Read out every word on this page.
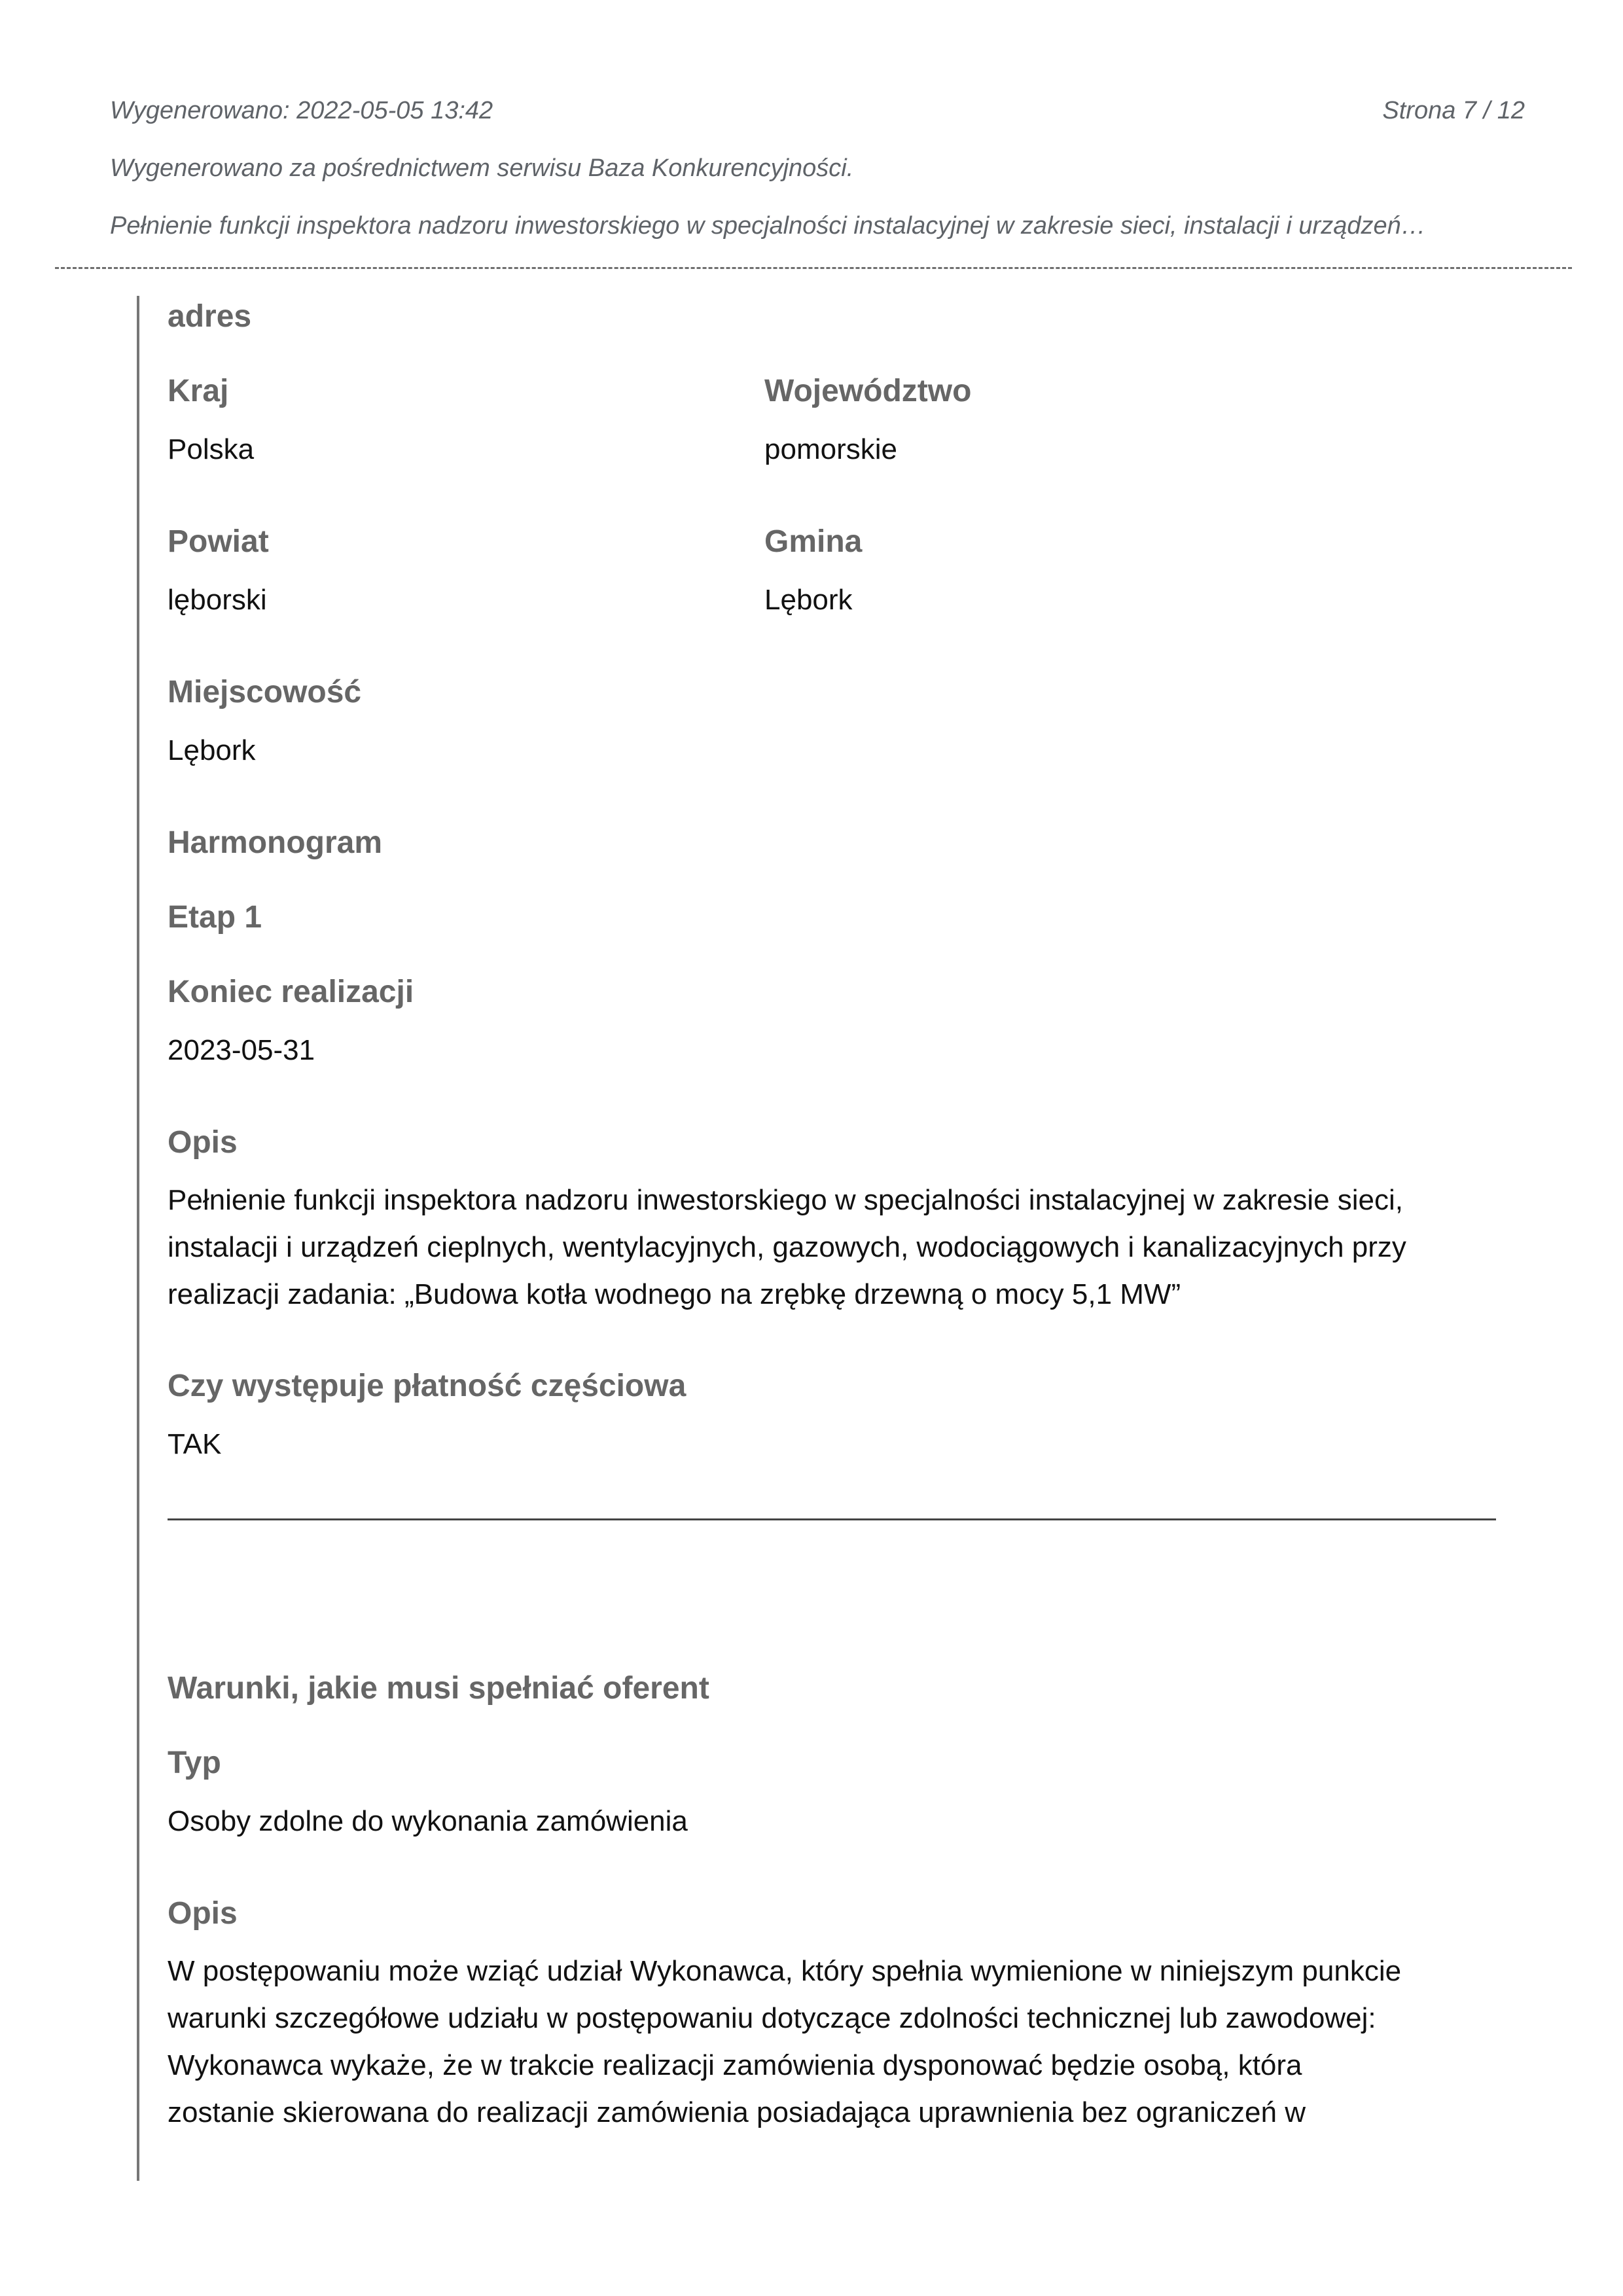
Wygenerowano: 2022-05-05 13:42	Strona 7 / 12
Wygenerowano za pośrednictwem serwisu Baza Konkurencyjności.
Pełnienie funkcji inspektora nadzoru inwestorskiego w specjalności instalacyjnej w zakresie sieci, instalacji i urządzeń…
adres
Kraj
Polska
Województwo
pomorskie
Powiat
lęborski
Gmina
Lębork
Miejscowość
Lębork
Harmonogram
Etap 1
Koniec realizacji
2023-05-31
Opis
Pełnienie funkcji inspektora nadzoru inwestorskiego w specjalności instalacyjnej w zakresie sieci,
instalacji i urządzeń cieplnych, wentylacyjnych, gazowych, wodociągowych i kanalizacyjnych przy
realizacji zadania: „Budowa kotła wodnego na zrębkę drzewną o mocy 5,1 MW”
Czy występuje płatność częściowa
TAK
Warunki, jakie musi spełniać oferent
Typ
Osoby zdolne do wykonania zamówienia
Opis
W postępowaniu może wziąć udział Wykonawca, który spełnia wymienione w niniejszym punkcie
warunki szczegółowe udziału w postępowaniu dotyczące zdolności technicznej lub zawodowej:
Wykonawca wykaże, że w trakcie realizacji zamówienia dysponować będzie osobą, która
zostanie skierowana do realizacji zamówienia posiadająca uprawnienia bez ograniczeń w
